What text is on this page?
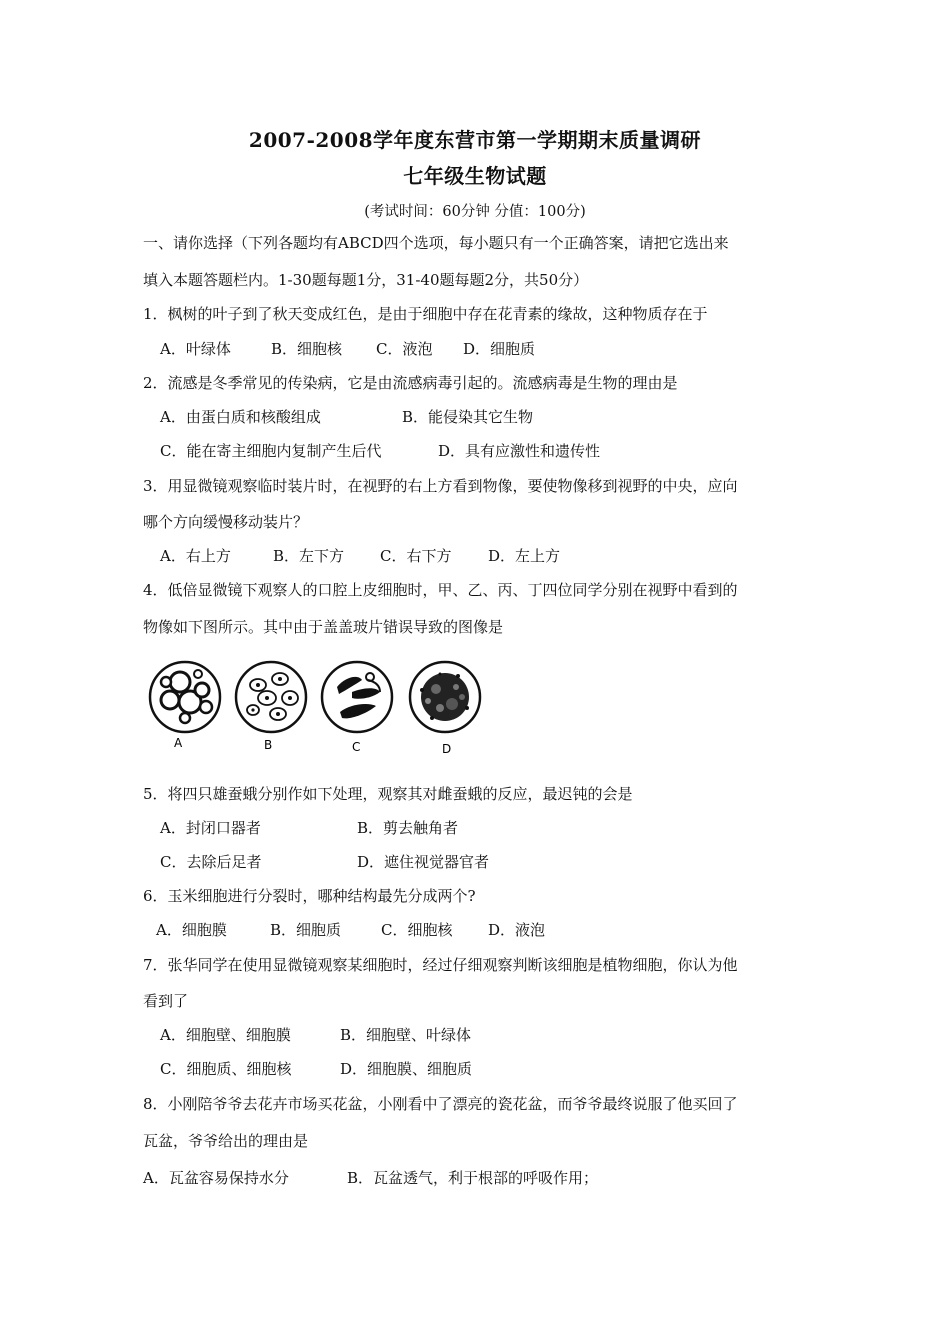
2007-2008学年度东营市第一学期期末质量调研
七年级生物试题
(考试时间：60分钟 分值：100分)
一、请你选择（下列各题均有ABCD四个选项，每小题只有一个正确答案，请把它选出来
填入本题答题栏内。1-30题每题1分，31-40题每题2分，共50分）
1．枫树的叶子到了秋天变成红色，是由于细胞中存在花青素的缘故，这种物质存在于
A．叶绿体	B．细胞核 C．液泡 D．细胞质
2．流感是冬季常见的传染病，它是由流感病毒引起的。流感病毒是生物的理由是
A．由蛋白质和核酸组成	B．能侵染其它生物
C．能在寄主细胞内复制产生后代	D．具有应激性和遗传性
3．用显微镜观察临时装片时，在视野的右上方看到物像，要使物像移到视野的中央，应向
哪个方向缓慢移动装片？
A．右上方	B．左下方 C．右下方 D．左上方
4．低倍显微镜下观察人的口腔上皮细胞时，甲、乙、丙、丁四位同学分别在视野中看到的
物像如下图所示。其中由于盖盖玻片错误导致的图像是
A	B	C	D
5．将四只雄蚕蛾分别作如下处理，观察其对雌蚕蛾的反应，最迟钝的会是
A．封闭口器者	B．剪去触角者
C．去除后足者	D．遮住视觉器官者
6．玉米细胞进行分裂时，哪种结构最先分成两个?
A．细胞膜	B．细胞质	C．细胞核 D．液泡
7．张华同学在使用显微镜观察某细胞时，经过仔细观察判断该细胞是植物细胞，你认为他
看到了
A．细胞壁、细胞膜	B．细胞壁、叶绿体
C．细胞质、细胞核	D．细胞膜、细胞质
8．小刚陪爷爷去花卉市场买花盆，小刚看中了漂亮的瓷花盆，而爷爷最终说服了他买回了
瓦盆，爷爷给出的理由是
A．瓦盆容易保持水分	B．瓦盆透气，利于根部的呼吸作用；
